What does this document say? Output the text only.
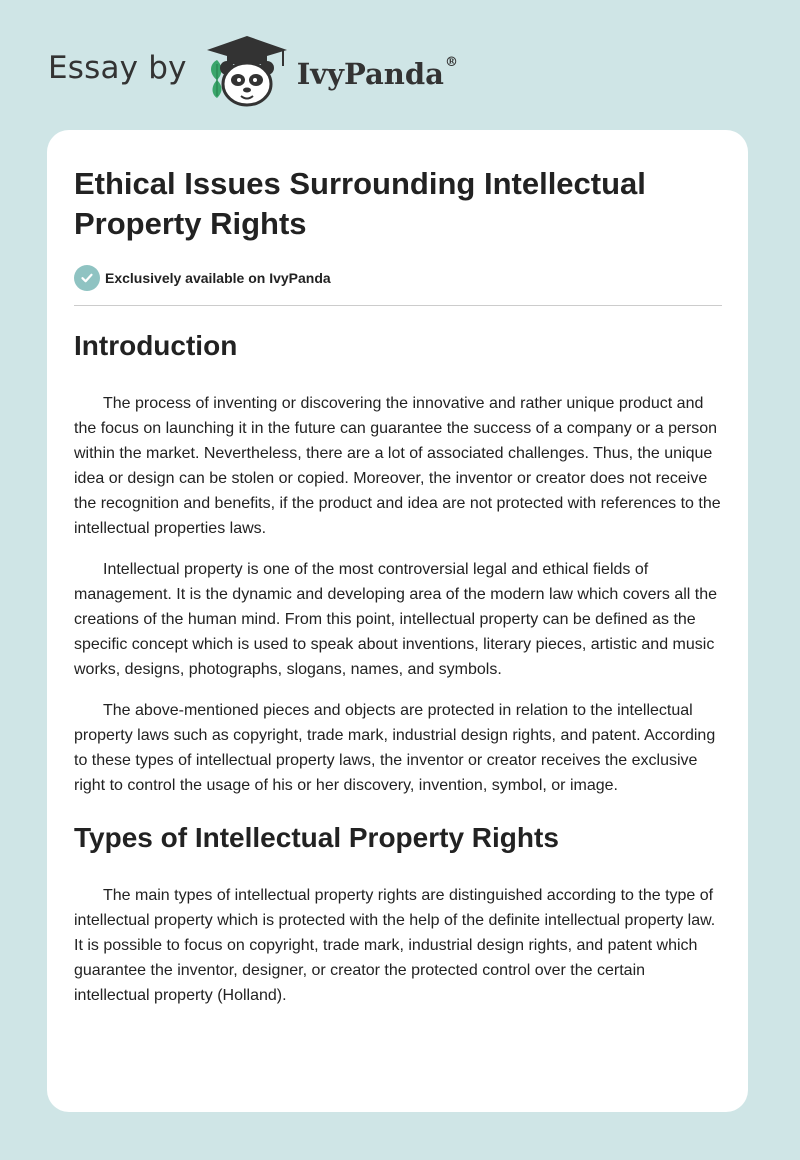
Essay by	IvyPanda®
Ethical Issues Surrounding Intellectual Property Rights
Exclusively available on IvyPanda
Introduction

The process of inventing or discovering the innovative and rather unique product and the focus on launching it in the future can guarantee the success of a company or a person within the market. Nevertheless, there are a lot of associated challenges. Thus, the unique idea or design can be stolen or copied. Moreover, the inventor or creator does not receive the recognition and benefits, if the product and idea are not protected with references to the intellectual properties laws.

Intellectual property is one of the most controversial legal and ethical fields of management. It is the dynamic and developing area of the modern law which covers all the creations of the human mind. From this point, intellectual property can be defined as the specific concept which is used to speak about inventions, literary pieces, artistic and music works, designs, photographs, slogans, names, and symbols.

The above-mentioned pieces and objects are protected in relation to the intellectual property laws such as copyright, trade mark, industrial design rights, and patent. According to these types of intellectual property laws, the inventor or creator receives the exclusive right to control the usage of his or her discovery, invention, symbol, or image.

Types of Intellectual Property Rights

The main types of intellectual property rights are distinguished according to the type of intellectual property which is protected with the help of the definite intellectual property law. It is possible to focus on copyright, trade mark, industrial design rights, and patent which guarantee the inventor, designer, or creator the protected control over the certain intellectual property (Holland).
